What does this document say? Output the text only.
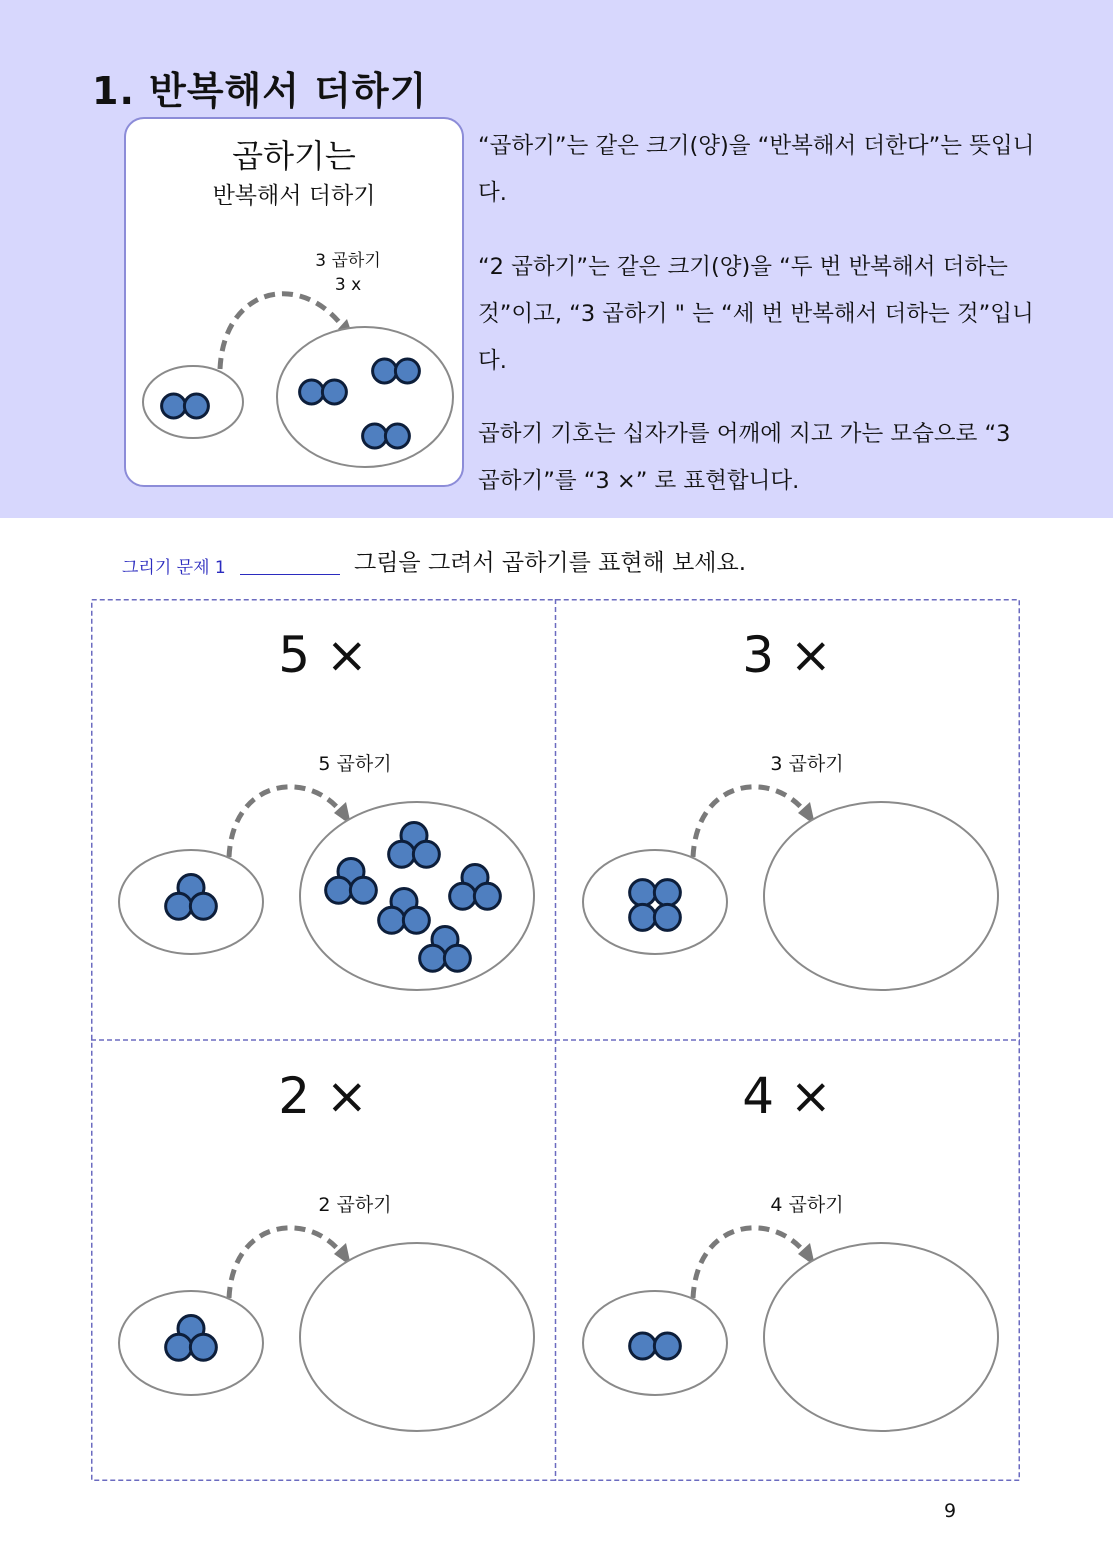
1. 반복해서 더하기
곱하기는
반복해서 더하기
3 곱하기
3 x

“곱하기”는 같은 크기(양)을 “반복해서 더한다”는 뜻입니다.

“2 곱하기”는 같은 크기(양)을 “두 번 반복해서 더하는 것”이고, “3 곱하기 " 는 “세 번 반복해서 더하는 것”입니다.

곱하기 기호는 십자가를 어깨에 지고 가는 모습으로 “3 곱하기”를 “3 ×” 로 표현합니다.

그리기 문제 1	그림을 그려서 곱하기를 표현해 보세요.
5 ×
5 곱하기
3 ×
3 곱하기
2 ×
2 곱하기
4 ×
4 곱하기
9
